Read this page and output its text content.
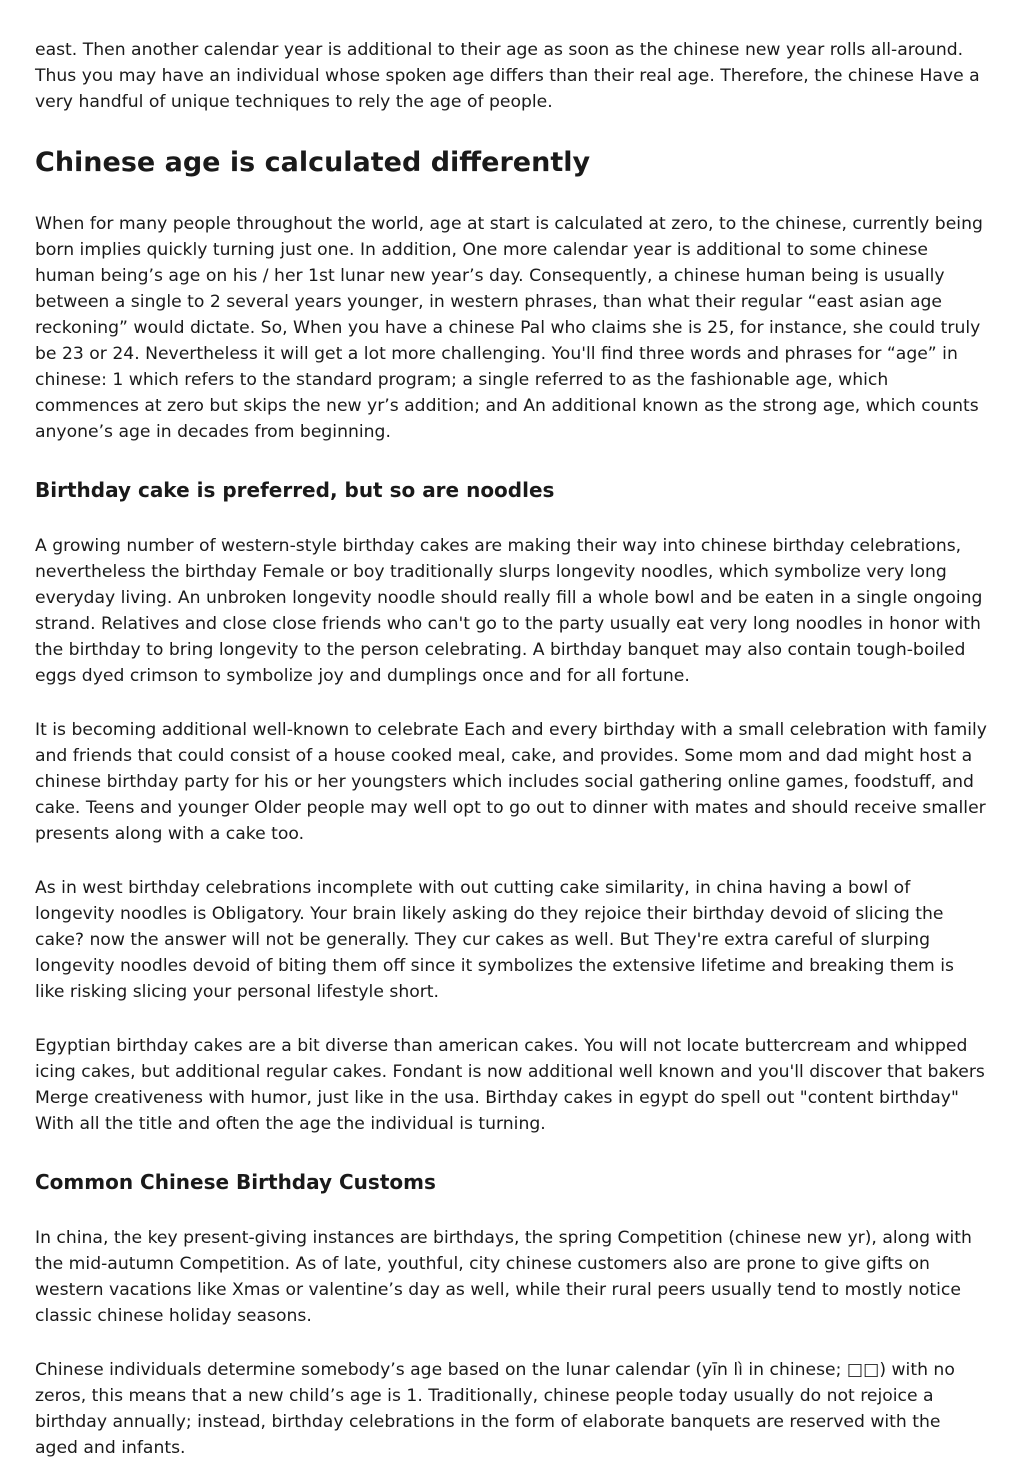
east. Then another calendar year is additional to their age as soon as the chinese new year rolls all-around. Thus you may have an individual whose spoken age differs than their real age. Therefore, the chinese Have a very handful of unique techniques to rely the age of people.

Chinese age is calculated differently

When for many people throughout the world, age at start is calculated at zero, to the chinese, currently being born implies quickly turning just one. In addition, One more calendar year is additional to some chinese human being’s age on his / her 1st lunar new year’s day. Consequently, a chinese human being is usually between a single to 2 several years younger, in western phrases, than what their regular “east asian age reckoning” would dictate. So, When you have a chinese Pal who claims she is 25, for instance, she could truly be 23 or 24. Nevertheless it will get a lot more challenging. You'll find three words and phrases for “age” in chinese: 1 which refers to the standard program; a single referred to as the fashionable age, which commences at zero but skips the new yr’s addition; and An additional known as the strong age, which counts anyone’s age in decades from beginning.

Birthday cake is preferred, but so are noodles

A growing number of western-style birthday cakes are making their way into chinese birthday celebrations, nevertheless the birthday Female or boy traditionally slurps longevity noodles, which symbolize very long everyday living. An unbroken longevity noodle should really fill a whole bowl and be eaten in a single ongoing strand. Relatives and close close friends who can't go to the party usually eat very long noodles in honor with the birthday to bring longevity to the person celebrating. A birthday banquet may also contain tough-boiled eggs dyed crimson to symbolize joy and dumplings once and for all fortune.

It is becoming additional well-known to celebrate Each and every birthday with a small celebration with family and friends that could consist of a house cooked meal, cake, and provides. Some mom and dad might host a chinese birthday party for his or her youngsters which includes social gathering online games, foodstuff, and cake. Teens and younger Older people may well opt to go out to dinner with mates and should receive smaller presents along with a cake too.

As in west birthday celebrations incomplete with out cutting cake similarity, in china having a bowl of longevity noodles is Obligatory. Your brain likely asking do they rejoice their birthday devoid of slicing the cake? now the answer will not be generally. They cur cakes as well. But They're extra careful of slurping longevity noodles devoid of biting them off since it symbolizes the extensive lifetime and breaking them is like risking slicing your personal lifestyle short.

Egyptian birthday cakes are a bit diverse than american cakes. You will not locate buttercream and whipped icing cakes, but additional regular cakes. Fondant is now additional well known and you'll discover that bakers Merge creativeness with humor, just like in the usa. Birthday cakes in egypt do spell out "content birthday" With all the title and often the age the individual is turning.

Common Chinese Birthday Customs

In china, the key present-giving instances are birthdays, the spring Competition (chinese new yr), along with the mid-autumn Competition. As of late, youthful, city chinese customers also are prone to give gifts on western vacations like Xmas or valentine’s day as well, while their rural peers usually tend to mostly notice classic chinese holiday seasons.

Chinese individuals determine somebody’s age based on the lunar calendar (yīn lì in chinese; □□) with no zeros, this means that a new child’s age is 1. Traditionally, chinese people today usually do not rejoice a birthday annually; instead, birthday celebrations in the form of elaborate banquets are reserved with the aged and infants.
